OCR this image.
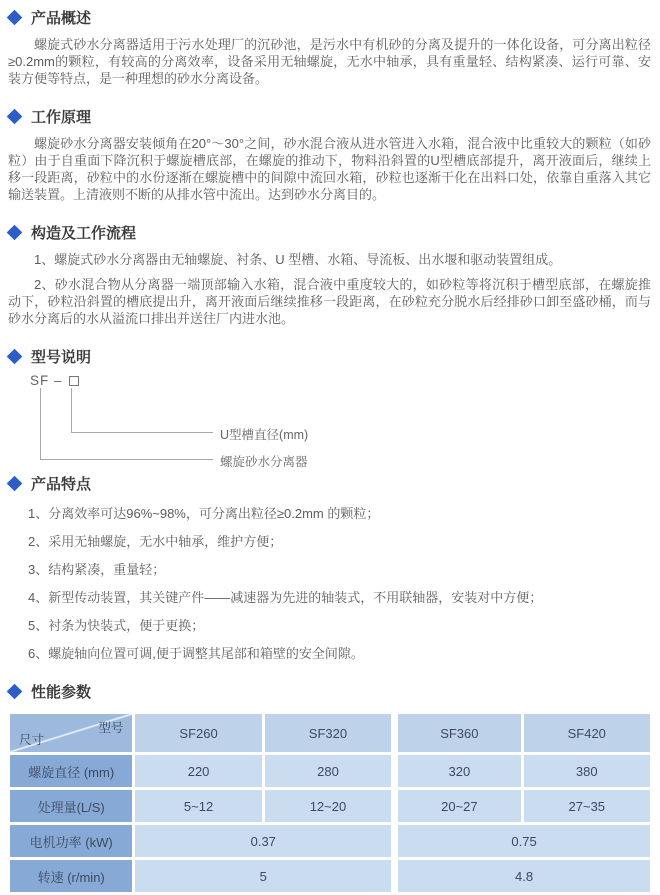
产品概述

螺旋式砂水分离器适用于污水处理厂的沉砂池，是污水中有机砂的分离及提升的一体化设备，可分离出粒径≥0.2mm的颗粒，有较高的分离效率，设备采用无轴螺旋，无水中轴承，具有重量轻、结构紧凑、运行可靠、安装方便等特点，是一种理想的砂水分离设备。

工作原理

螺旋砂水分离器安装倾角在20°～30°之间，砂水混合液从进水管进入水箱，混合液中比重较大的颗粒（如砂粒）由于自重面下降沉积于螺旋槽底部，在螺旋的推动下，物料沿斜置的U型槽底部提升，离开液面后，继续上移一段距离，砂粒中的水份逐渐在螺旋槽中的间隙中流回水箱，砂粒也逐渐干化在出料口处，依靠自重落入其它输送装置。上清液则不断的从排水管中流出。达到砂水分离目的。

构造及工作流程

1、螺旋式砂水分离器由无轴螺旋、衬条、U 型槽、水箱、导流板、出水堰和驱动装置组成。

2、砂水混合物从分离器一端顶部输入水箱，混合液中重度较大的，如砂粒等将沉积于槽型底部，在螺旋推动下，砂粒沿斜置的槽底提出升，离开液面后继续推移一段距离，在砂粒充分脱水后经排砂口卸至盛砂桶，而与砂水分离后的水从溢流口排出并送往厂内进水池。

型号说明
SF –
U型槽直径(mm)
螺旋砂水分离器
产品特点

1、分离效率可达96%~98%，可分离出粒径≥0.2mm 的颗粒；

2、采用无轴螺旋，无水中轴承，维护方便；

3、结构紧凑，重量轻；

4、新型传动装置，其关键产件——减速器为先进的轴装式，不用联轴器，安装对中方便；

5、衬条为快装式，便于更换；

6、螺旋轴向位置可调,便于调整其尾部和箱壁的安全间隙。

性能参数
型号
尺寸	SF260	SF320	SF360	SF420
螺旋直径 (mm)	220	280	320	380
处理量(L/S)	5~12	12~20	20~27	27~35
电机功率 (kW)	0.37		0.75	
转速 (r/min)	5		4.8	
